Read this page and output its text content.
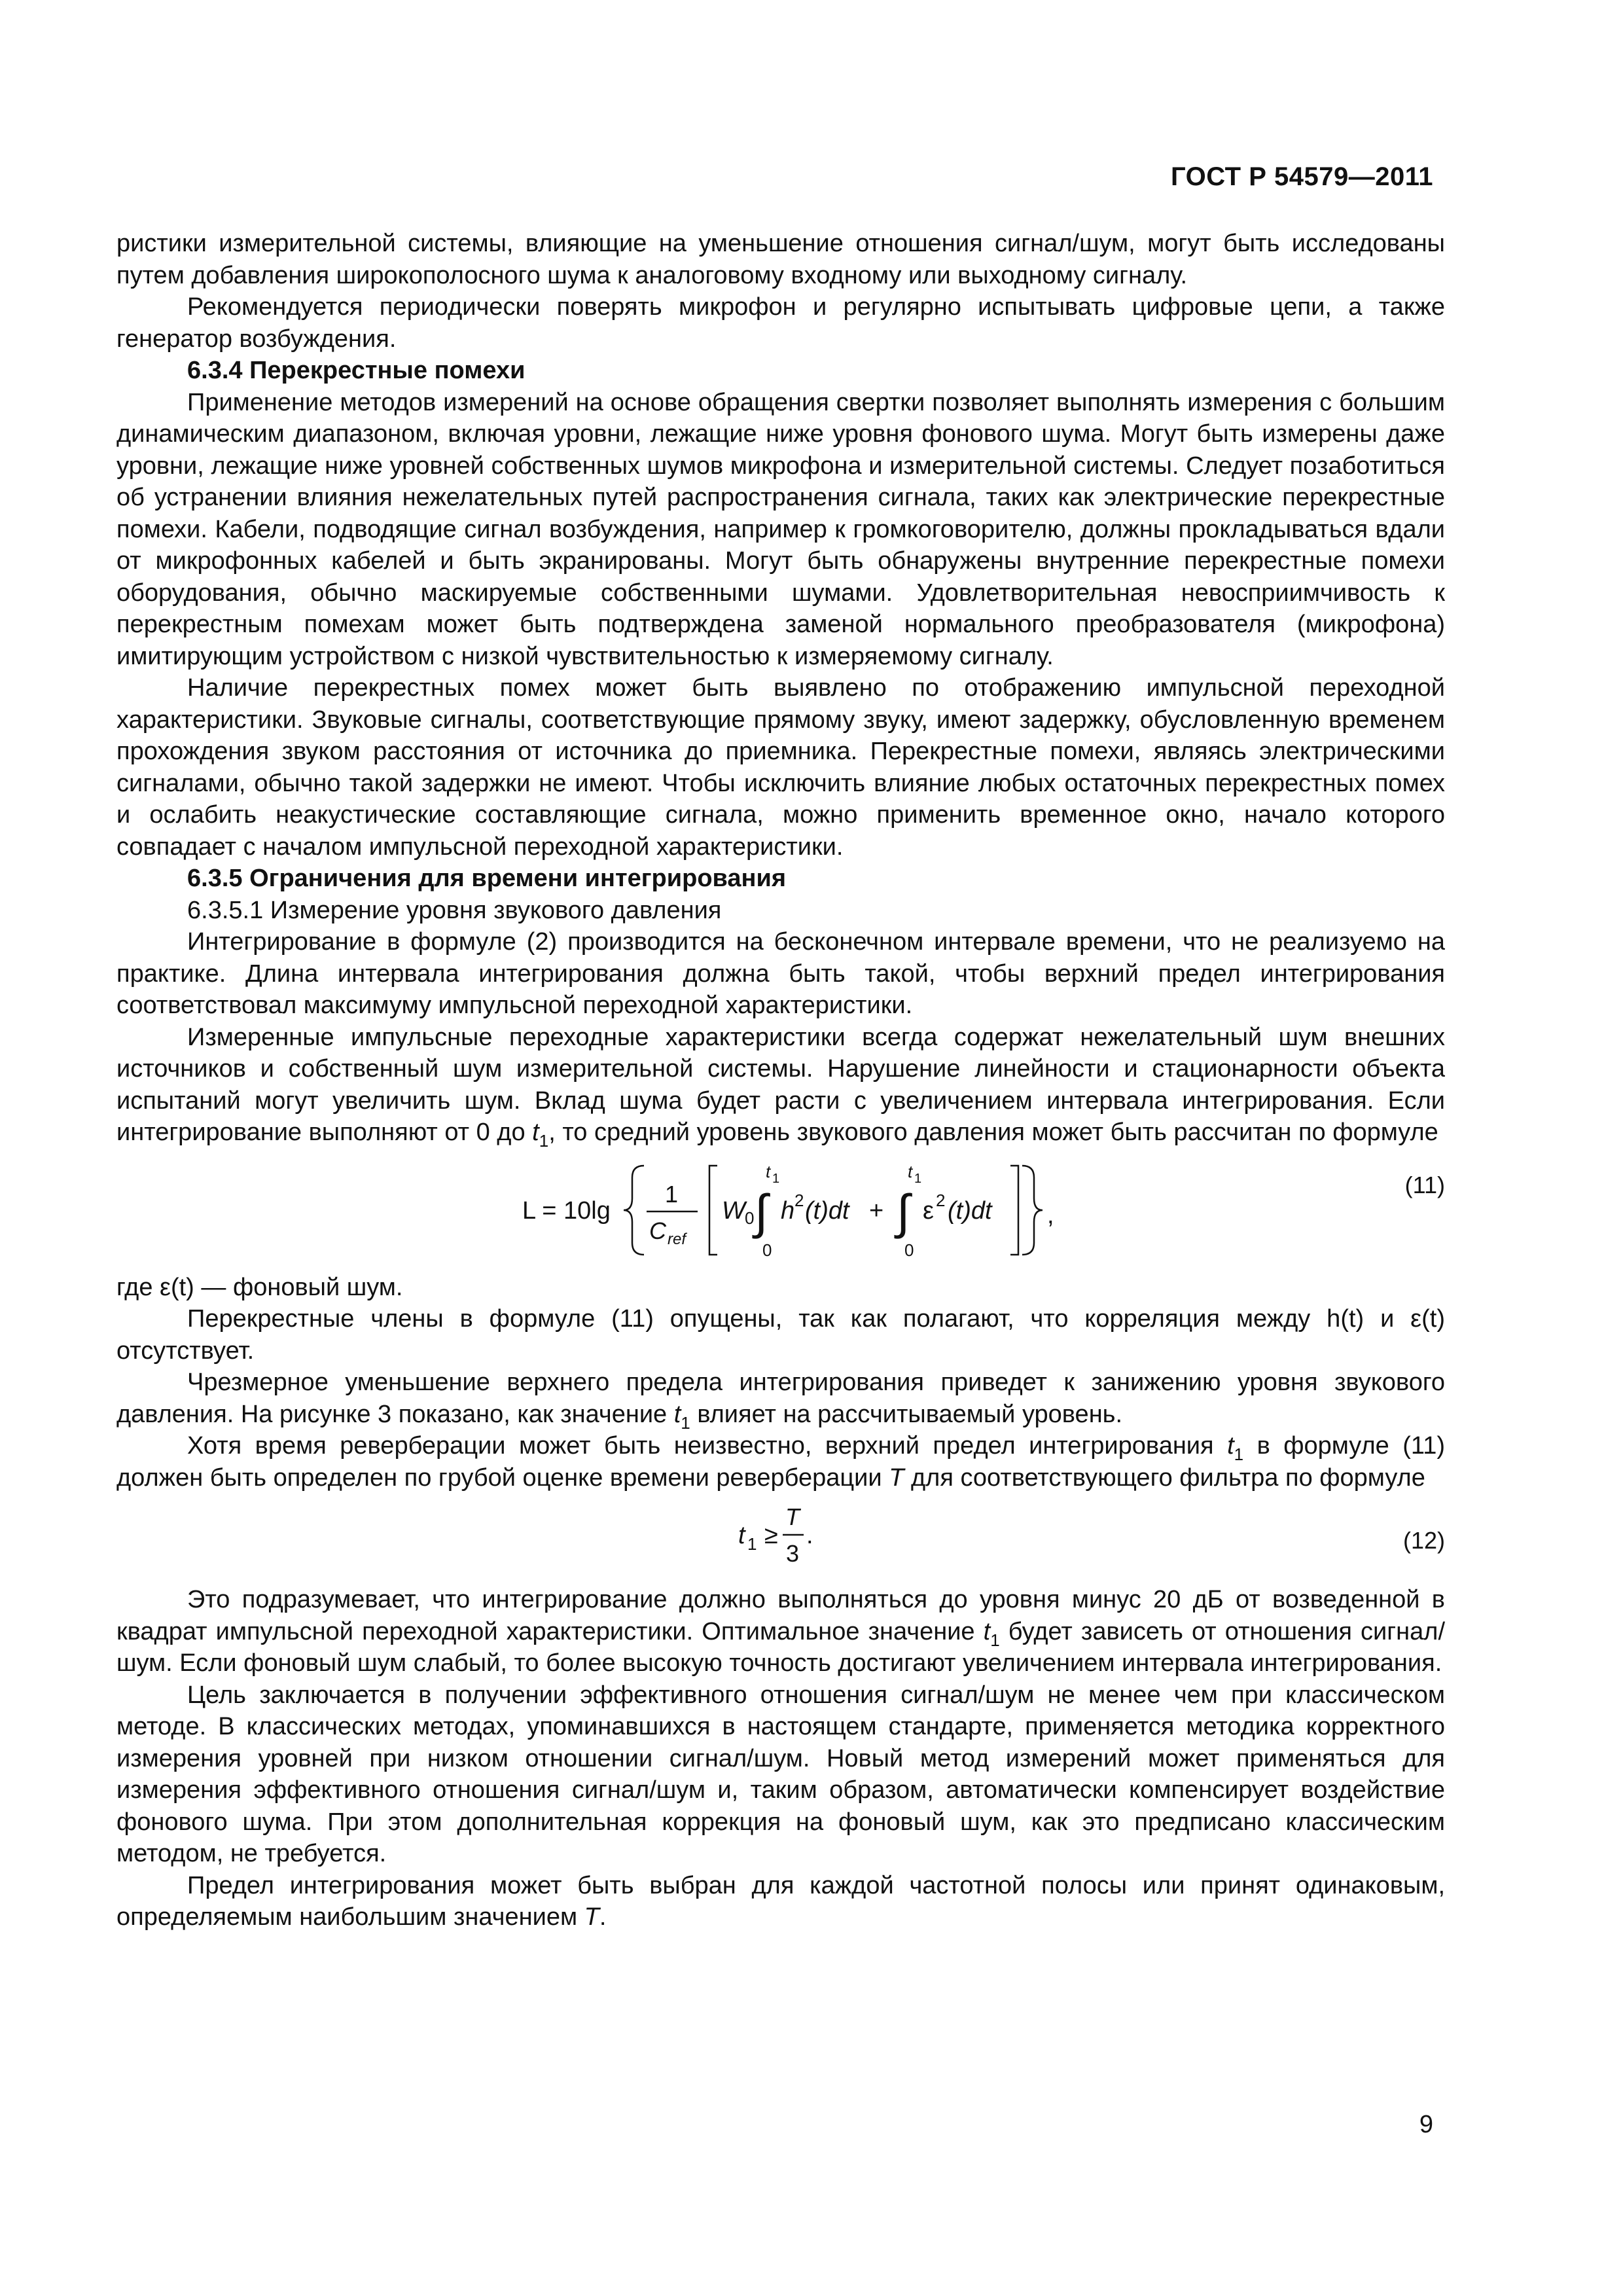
ГОСТ Р 54579—2011

ристики измерительной системы, влияющие на уменьшение отношения сигнал/шум, могут быть исследованы путем добавления широкополосного шума к аналоговому входному или выходному сигналу.

Рекомендуется периодически поверять микрофон и регулярно испытывать цифровые цепи, а также генератор возбуждения.

6.3.4 Перекрестные помехи

Применение методов измерений на основе обращения свертки позволяет выполнять измерения с большим динамическим диапазоном, включая уровни, лежащие ниже уровня фонового шума. Могут быть измерены даже уровни, лежащие ниже уровней собственных шумов микрофона и измерительной системы. Следует позаботиться об устранении влияния нежелательных путей распространения сигнала, таких как электрические перекрестные помехи. Кабели, подводящие сигнал возбуждения, например к громкоговорителю, должны прокладываться вдали от микрофонных кабелей и быть экранированы. Могут быть обнаружены внутренние перекрестные помехи оборудования, обычно маскируемые собственными шумами. Удовлетворительная невосприимчивость к перекрестным помехам может быть подтверждена заменой нормального преобразователя (микрофона) имитирующим устройством с низкой чувствительностью к измеряемому сигналу.

Наличие перекрестных помех может быть выявлено по отображению импульсной переходной характеристики. Звуковые сигналы, соответствующие прямому звуку, имеют задержку, обусловленную временем прохождения звуком расстояния от источника до приемника. Перекрестные помехи, являясь электрическими сигналами, обычно такой задержки не имеют. Чтобы исключить влияние любых остаточных перекрестных помех и ослабить неакустические составляющие сигнала, можно применить временное окно, начало которого совпадает с началом импульсной переходной характеристики.

6.3.5 Ограничения для времени интегрирования

6.3.5.1 Измерение уровня звукового давления

Интегрирование в формуле (2) производится на бесконечном интервале времени, что не реализуемо на практике. Длина интервала интегрирования должна быть такой, чтобы верхний предел интегрирования соответствовал максимуму импульсной переходной характеристики.

Измеренные импульсные переходные характеристики всегда содержат нежелательный шум внешних источников и собственный шум измерительной системы. Нарушение линейности и стационарности объекта испытаний могут увеличить шум. Вклад шума будет расти с увеличением интервала интегрирования. Если интегрирование выполняют от 0 до $t_1$, то средний уровень звукового давления может быть рассчитан по формуле

L = 10lg
1
C ref
W 0 ∫
t 1
0
h 2 (t)dt + ∫
t 1
0
ε 2 (t)dt ,
(11)

где ε(t) — фоновый шум.

Перекрестные члены в формуле (11) опущены, так как полагают, что корреляция между h(t) и ε(t) отсутствует.

Чрезмерное уменьшение верхнего предела интегрирования приведет к занижению уровня звукового давления. На рисунке 3 показано, как значение $t_1$ влияет на рассчитываемый уровень.

Хотя время реверберации может быть неизвестно, верхний предел интегрирования $t_1$ в формуле (11) должен быть определен по грубой оценке времени реверберации T для соответствующего фильтра по формуле

t 1 ≥
T
3
.	(12)

Это подразумевает, что интегрирование должно выполняться до уровня минус 20 дБ от возведенной в квадрат импульсной переходной характеристики. Оптимальное значение $t_1$ будет зависеть от отношения сигнал/шум. Если фоновый шум слабый, то более высокую точность достигают увеличением интервала интегрирования.

Цель заключается в получении эффективного отношения сигнал/шум не менее чем при классическом методе. В классических методах, упоминавшихся в настоящем стандарте, применяется методика корректного измерения уровней при низком отношении сигнал/шум. Новый метод измерений может применяться для измерения эффективного отношения сигнал/шум и, таким образом, автоматически компенсирует воздействие фонового шума. При этом дополнительная коррекция на фоновый шум, как это предписано классическим методом, не требуется.

Предел интегрирования может быть выбран для каждой частотной полосы или принят одинаковым, определяемым наибольшим значением T.

9
